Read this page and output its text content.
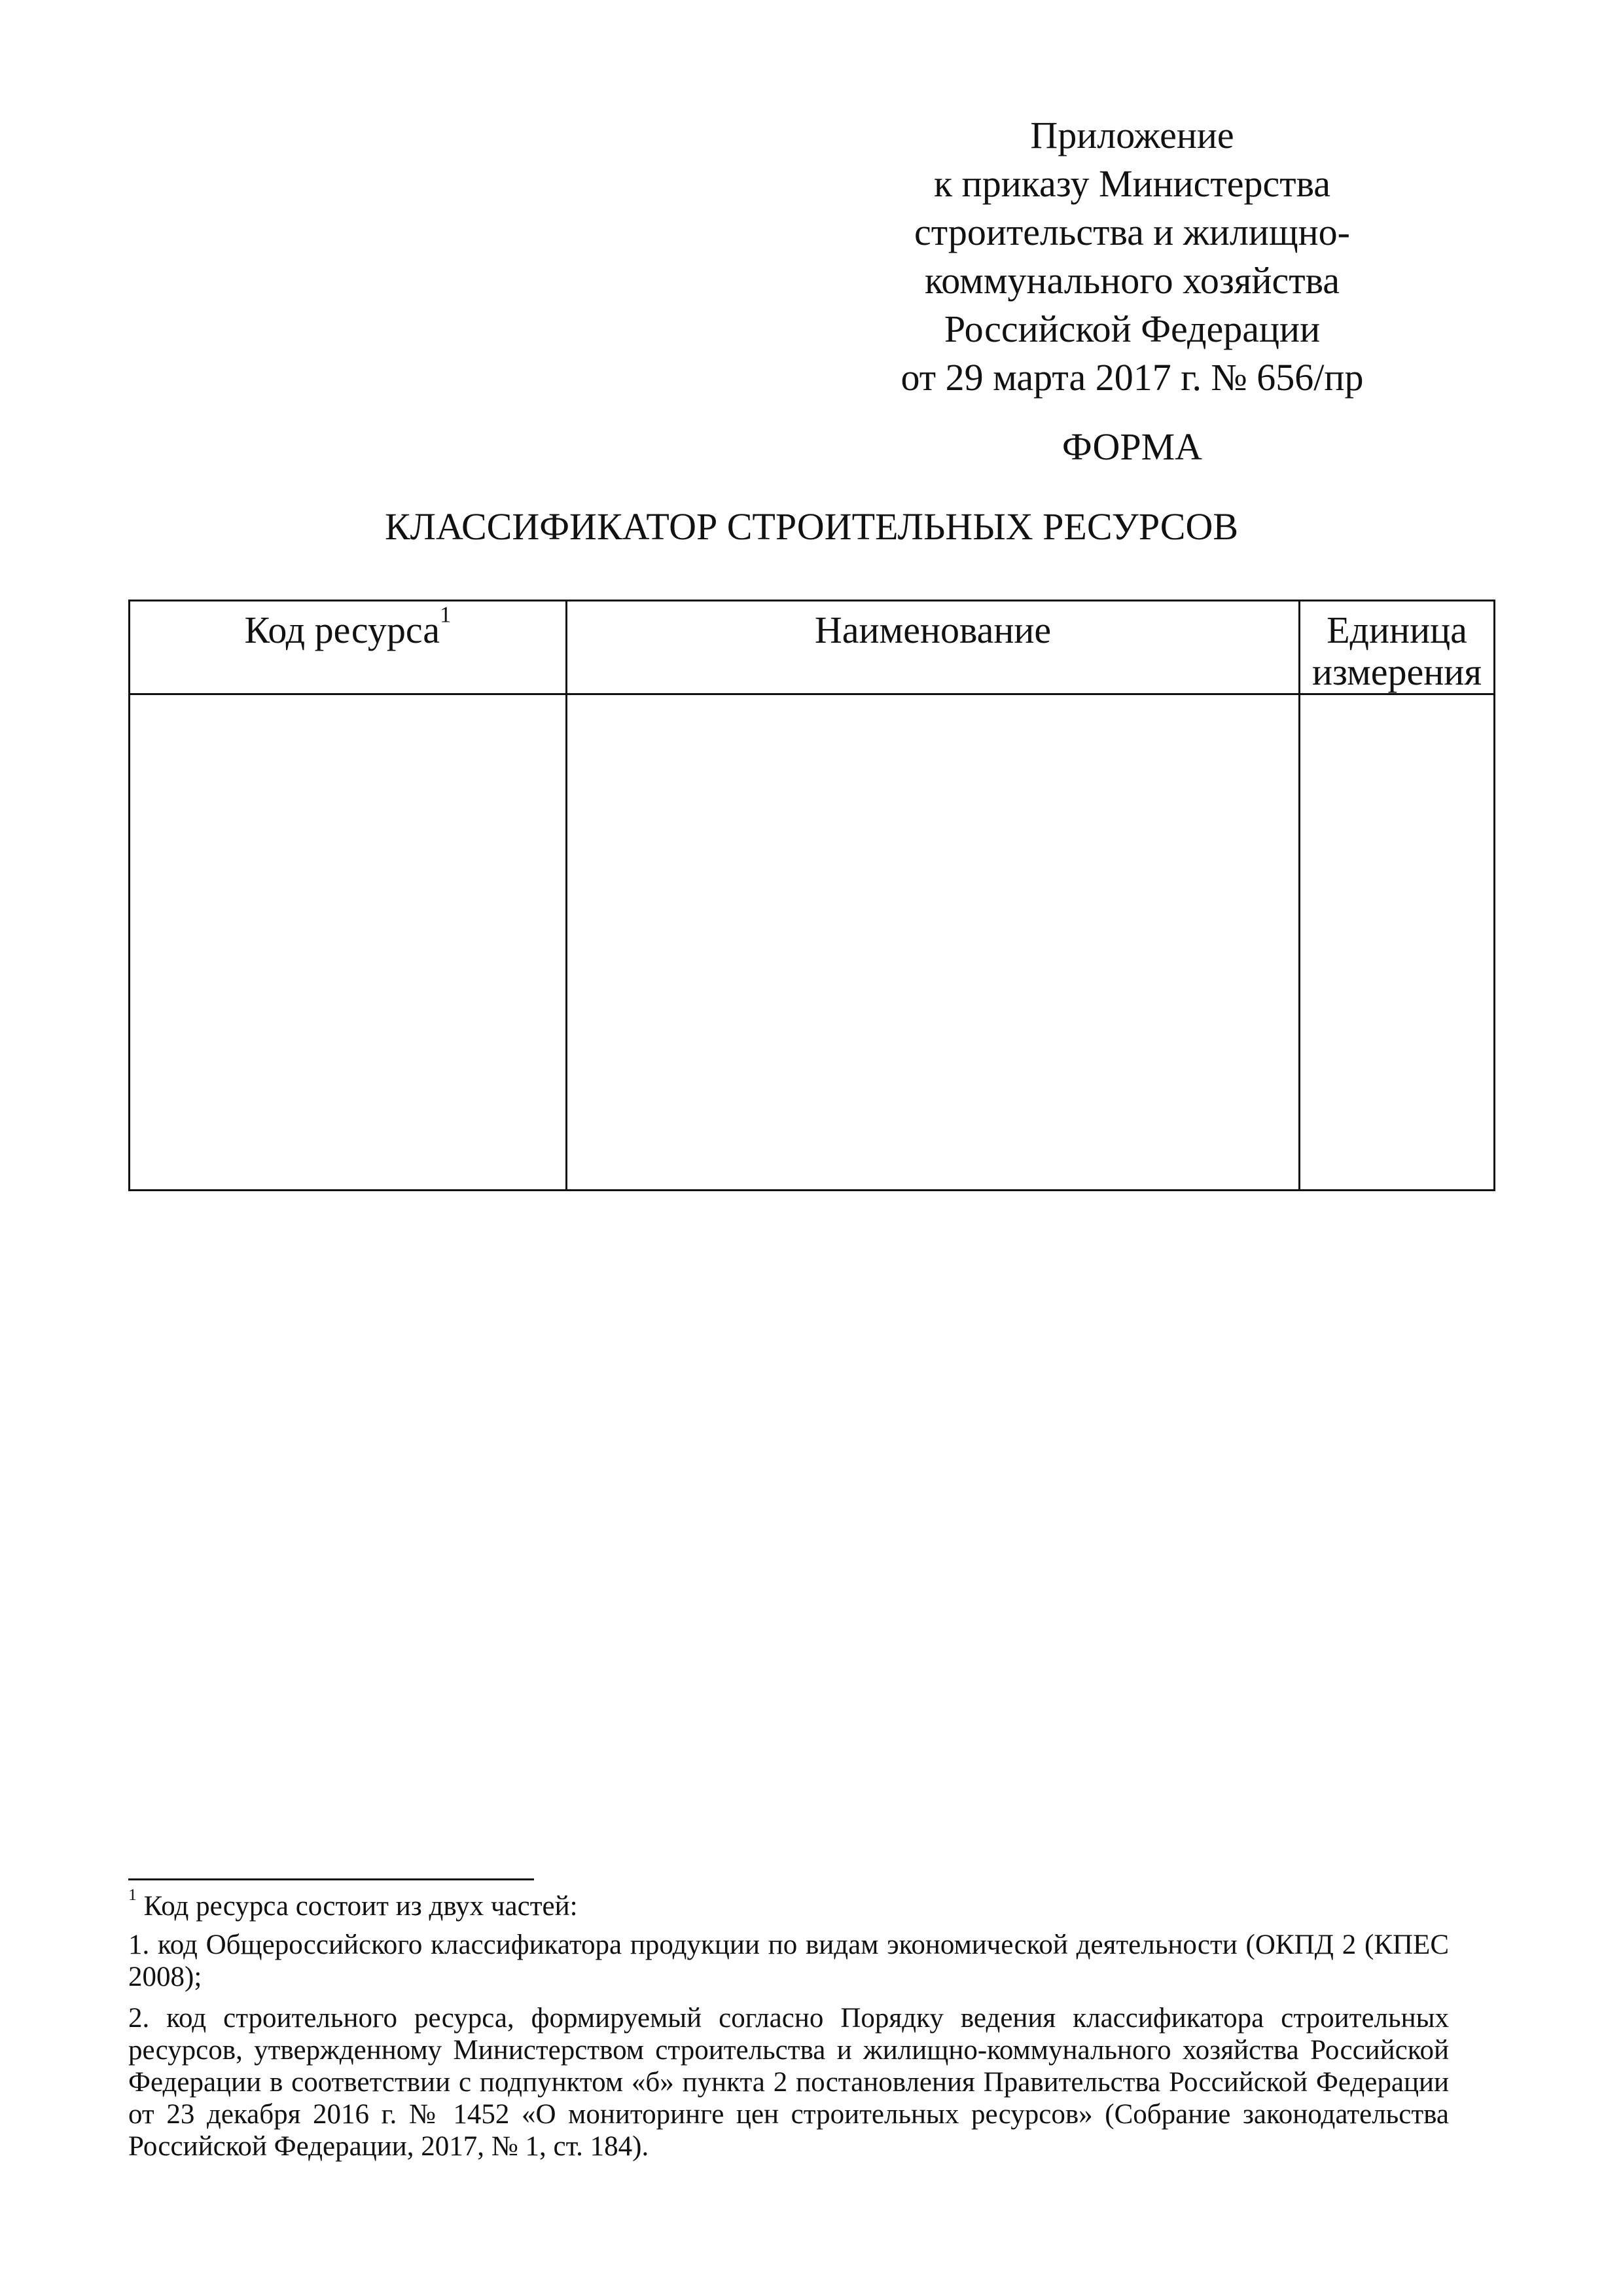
Приложение
к приказу Министерства
строительства и жилищно-
коммунального хозяйства
Российской Федерации
от 29 марта 2017 г. № 656/пр
ФОРМА
КЛАССИФИКАТОР СТРОИТЕЛЬНЫХ РЕСУРСОВ
Код ресурса$^1$	Наименование	Единица
измерения

$^1$ Код ресурса состоит из двух частей:

1. код Общероссийского классификатора продукции по видам экономической деятельности (ОКПД 2 (КПЕС 2008);

2. код строительного ресурса, формируемый согласно Порядку ведения классификатора строительных ресурсов, утвержденному Министерством строительства и жилищно-коммунального хозяйства Российской Федерации в соответствии с подпунктом «б» пункта 2 постановления Правительства Российской Федерации от 23 декабря 2016 г. № 1452 «О мониторинге цен строительных ресурсов» (Собрание законодательства Российской Федерации, 2017, № 1, ст. 184).
